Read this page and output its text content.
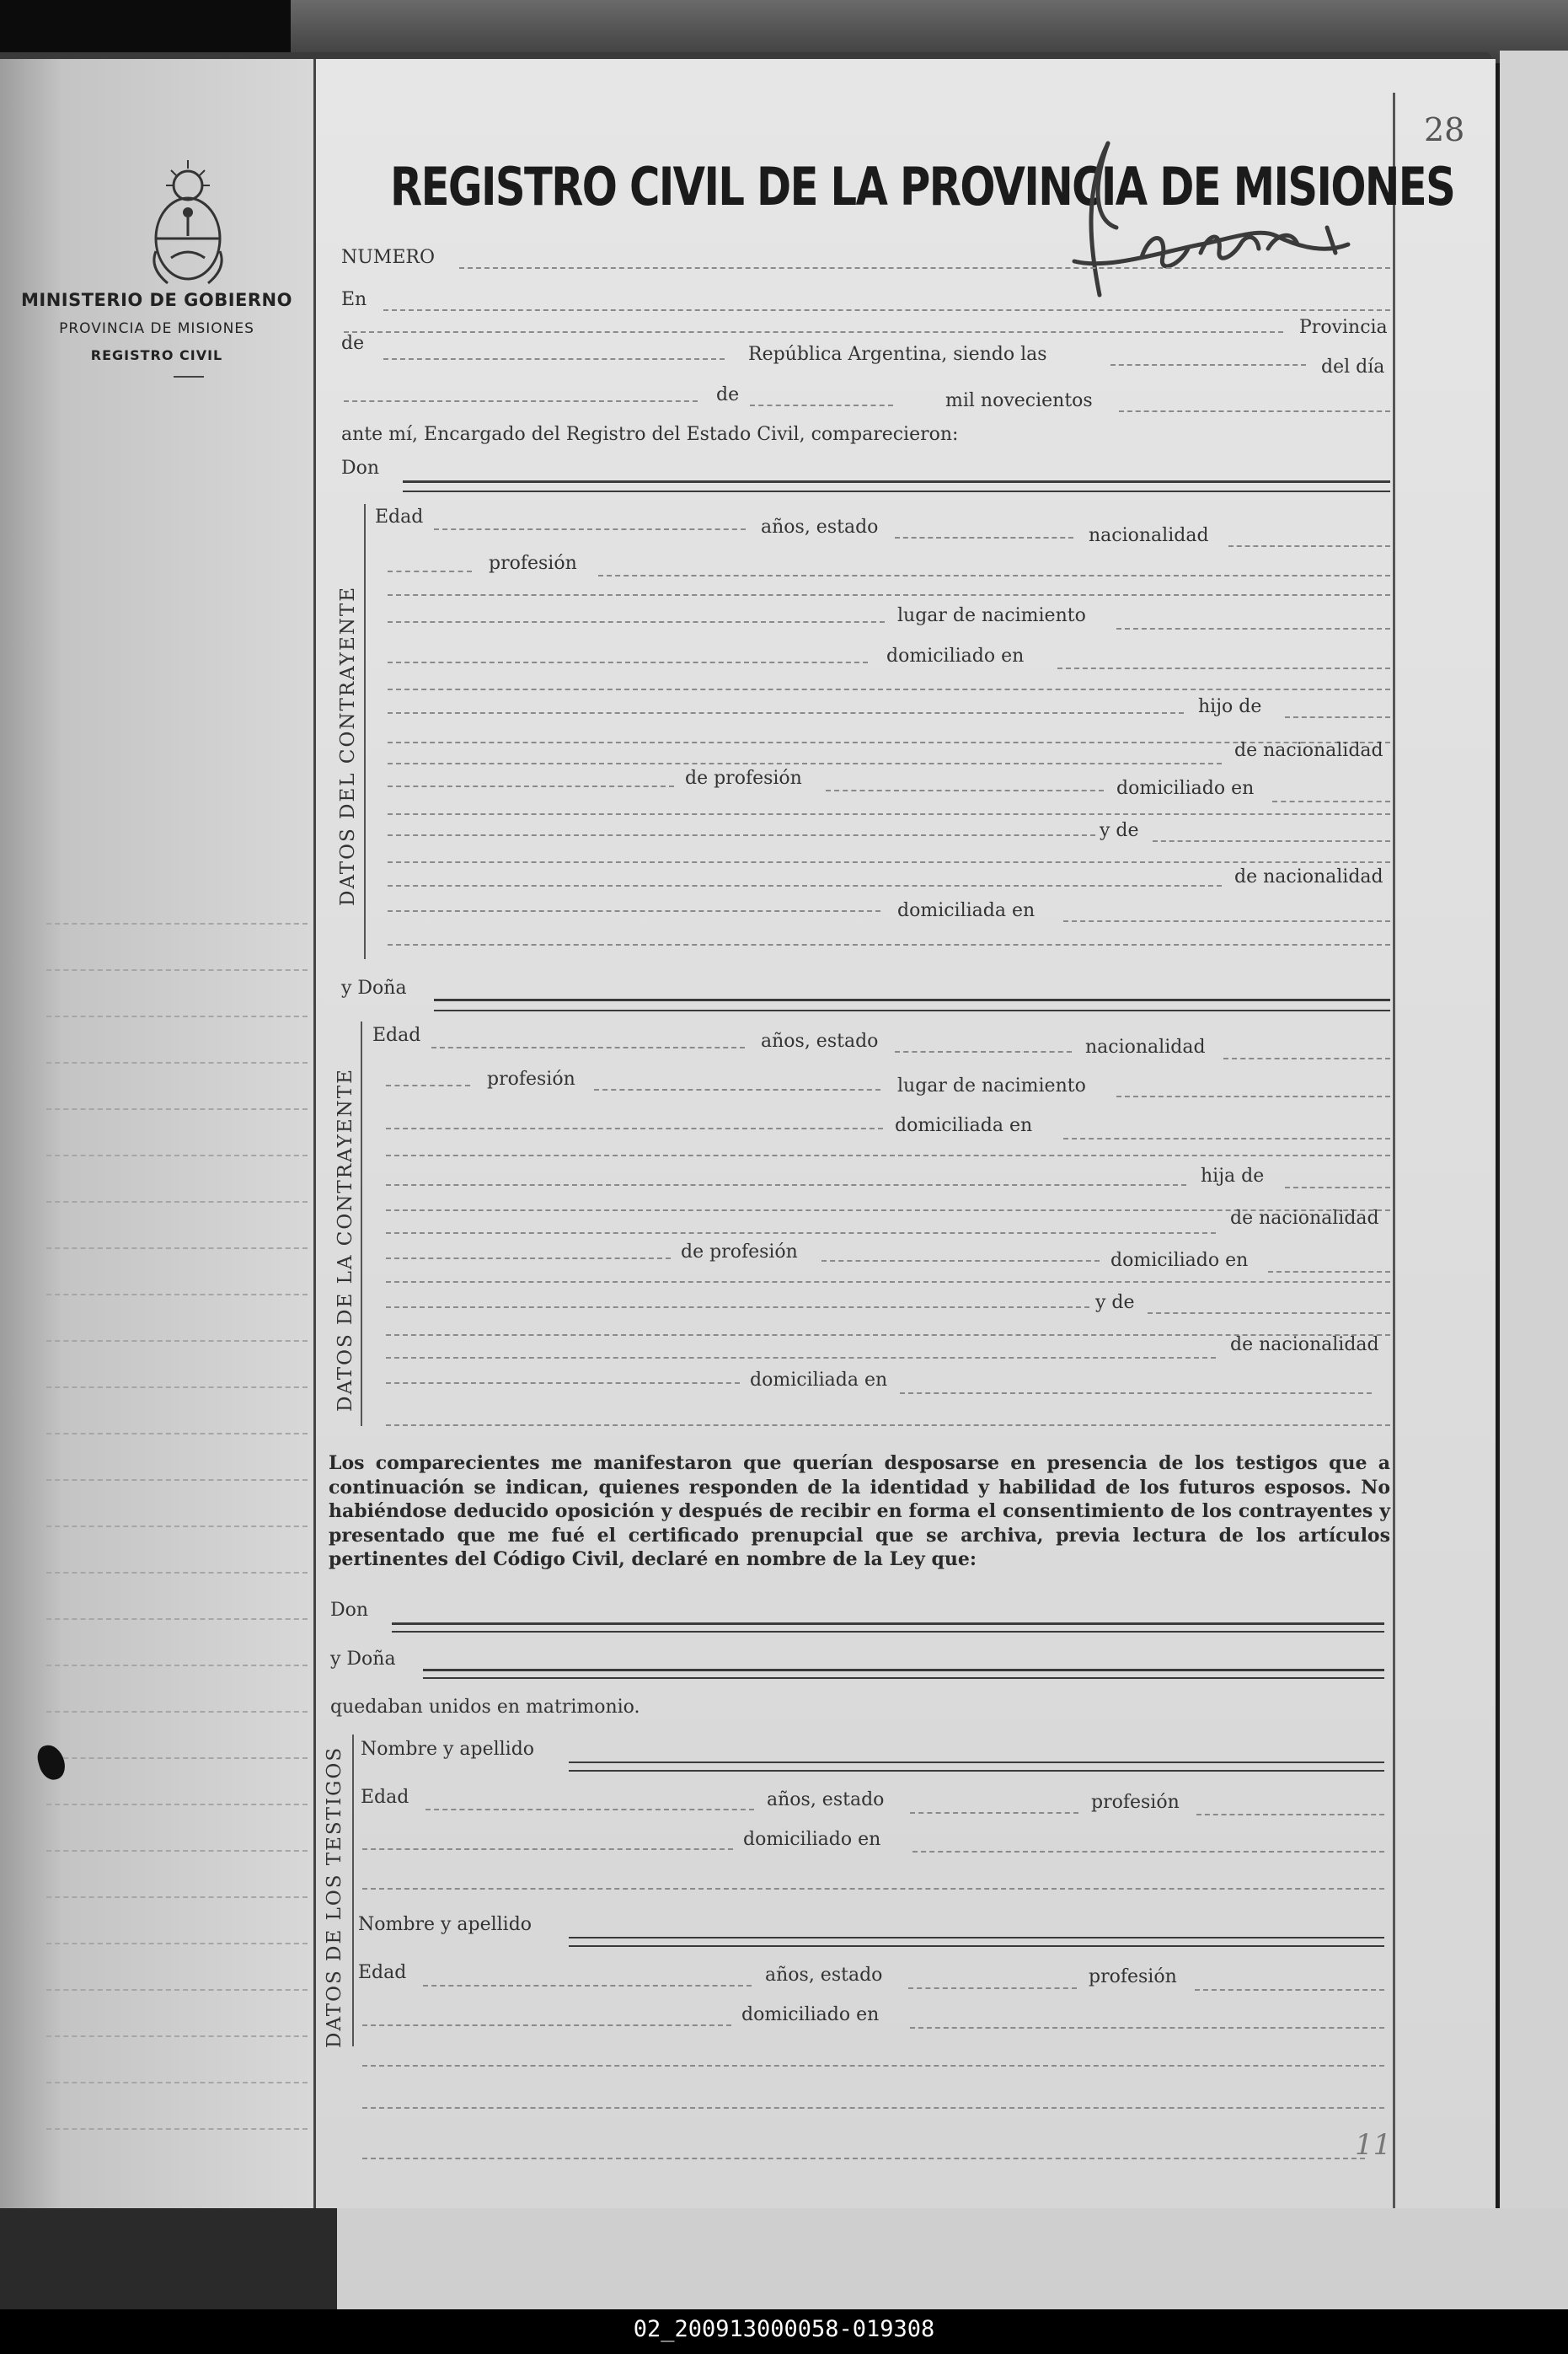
MINISTERIO DE GOBIERNO
PROVINCIA DE MISIONES
REGISTRO CIVIL
28
REGISTRO CIVIL DE LA PROVINCIA DE MISIONES
NUMERO
En
Provincia
de
República Argentina, siendo las
del día
de	mil novecientos
ante mí, Encargado del Registro del Estado Civil, comparecieron:
Don
DATOS DEL CONTRAYENTE
Edad	años, estado	nacionalidad
profesión
lugar de nacimiento
domiciliado en
hijo de
de nacionalidad
de profesión	domiciliado en
y de
de nacionalidad
domiciliada en
y Doña
DATOS DE LA CONTRAYENTE
Edad	años, estado	nacionalidad
profesión	lugar de nacimiento
domiciliada en
hija de
de nacionalidad
de profesión	domiciliado en
y de
de nacionalidad
domiciliada en
Los comparecientes me manifestaron que querían desposarse en presencia de los testigos que a continuación se indican, quienes responden de la identidad y habilidad de los futuros esposos. No habiéndose deducido oposición y después de recibir en forma el consentimiento de los contrayentes y presentado que me fué el certificado prenupcial que se archiva, previa lectura de los artículos pertinentes del Código Civil, declaré en nombre de la Ley que:
Don
y Doña
quedaban unidos en matrimonio.
DATOS DE LOS TESTIGOS Nombre y apellido
Edad	años, estado	profesión
domiciliado en
Nombre y apellido
Edad	años, estado	profesión
domiciliado en
11
02_200913000058-019308
